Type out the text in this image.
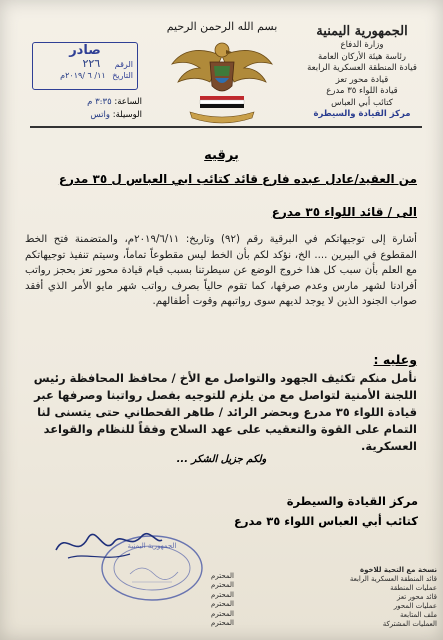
الجمهورية اليمنية
وزارة الدفاع
رئاسة هيئة الأركان العامة
قيادة المنطقة العسكرية الرابعة
قيادة محور تعز
قيادة اللواء ٣٥ مدرع
كتائب أبي العباس
مركز القيادة والسيطرة
بسم الله الرحمن الرحيم
صادر
الرقم ٢٢٦
التاريخ ١١/ ٦ /٢٠١٩م
الساعة: ٣:٣٥ م
الوسيلة: واتس
برقيه
من العقيد/عادل عبده فارع قائد كتائب ابي العباس ل ٣٥ مدرع
الى / قائد اللواء ٣٥ مدرع
أشارة إلى توجيهاتكم في البرقية رقم (٩٢) وتاريخ: ٢٠١٩/٦/١١م، والمتضمنة فتح الخط المقطوع في البيرين .... الخ، نؤكد لكم بأن الخط ليس مقطوعاً تماماً، وسيتم تنفيذ توجيهاتكم مع العلم بأن سبب كل هذا خروج الوضع عن سيطرتنا بسبب قيام قيادة محور تعز بحجز رواتب أفرادنا لشهر مارس وعدم صرفها، كما تقوم حالياً بصرف رواتب شهر مايو الأمر الذي أفقد صواب الجنود الذين لا يوجد لديهم سوى رواتبهم وقوت أطفالهم.
وعليه :
نأمل منكم تكثيف الجهود والتواصل مع الأخ / محافظ المحافظة رئيس اللجنة الأمنية لتواصل مع من يلزم للتوجيه بفصل رواتبنا وصرفها عبر قيادة اللواء ٣٥ مدرع وبحضر الرائد / طاهر القحطاني حتى يتسنى لنا التمام على القوة والتعقيب على عهد السلاح وفقاً للنظام والقواعد العسكرية.
ولكم جزيل الشكر ...
مركز القيادة والسيطرة
كتائب أبي العباس اللواء ٣٥ مدرع
الجمهورية اليمنية
نسخة مع التحية للاخوة
قائد المنطقة العسكرية الرابعة
عمليات المنطقة
قائد محور تعز
عمليات المحور
ملف المتابعة
العمليات المشتركة
المحترم
المحترم
المحترم
المحترم
المحترم
المحترم
